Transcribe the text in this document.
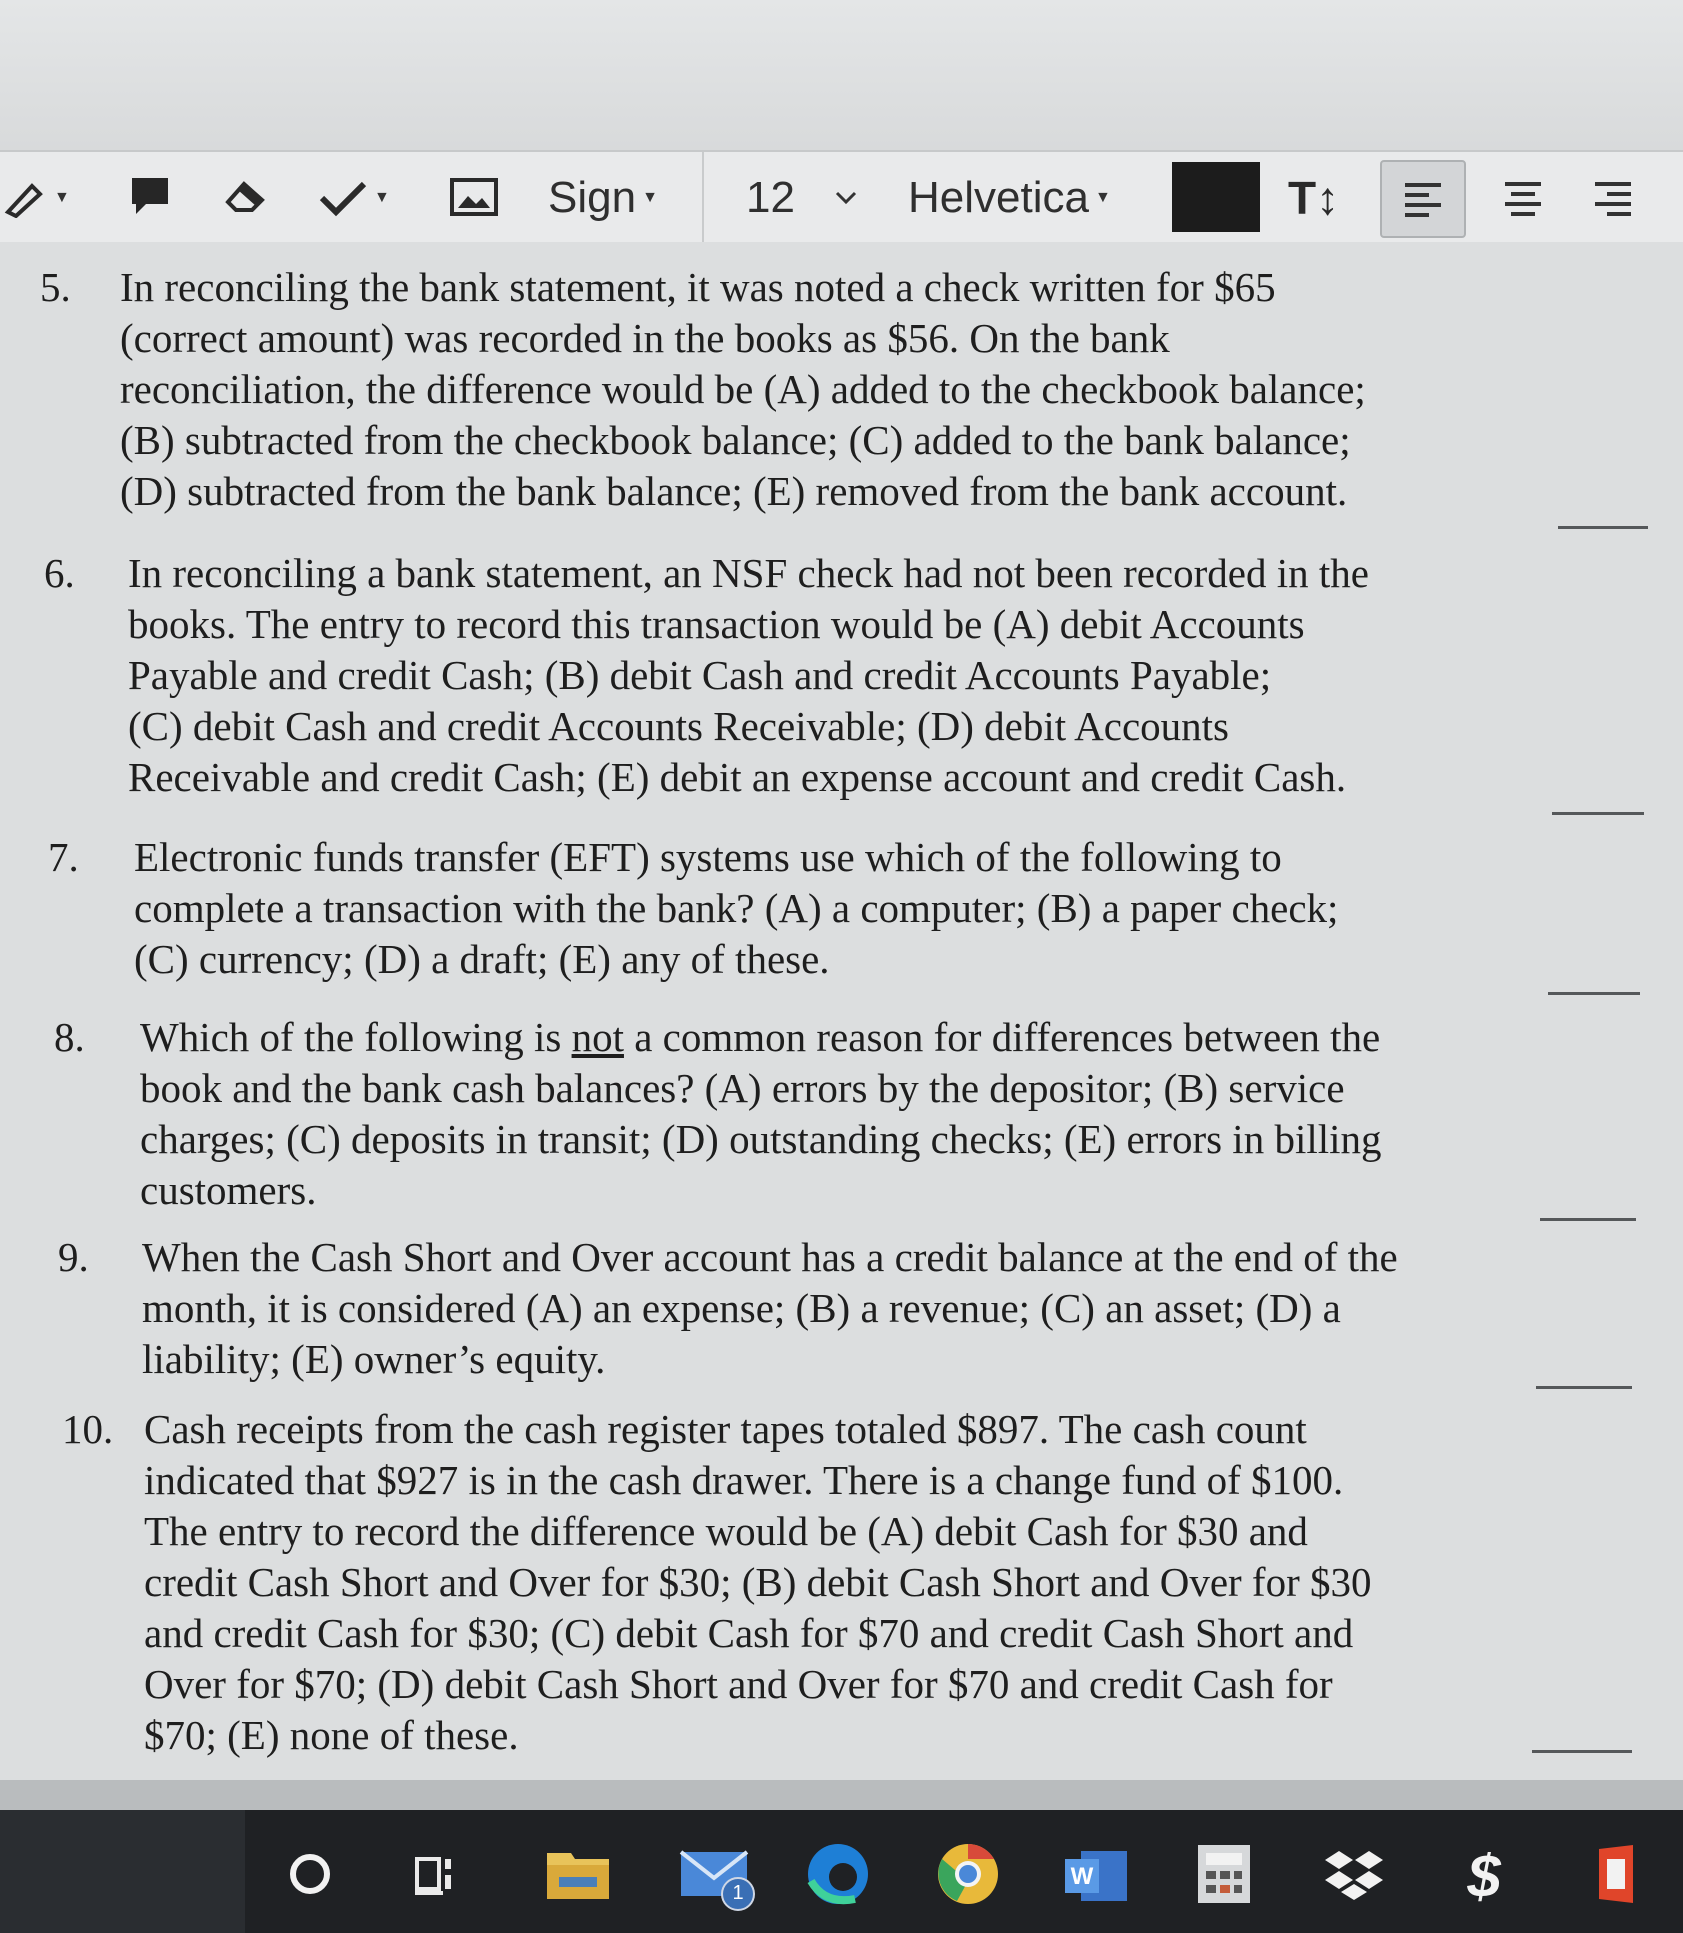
▼	▼	Sign ▼ 12	Helvetica ▼	T↕
5. In reconciling the bank statement, it was noted a check written for $65
(correct amount) was recorded in the books as $56. On the bank
reconciliation, the difference would be (A) added to the checkbook balance;
(B) subtracted from the checkbook balance; (C) added to the bank balance;
(D) subtracted from the bank balance; (E) removed from the bank account.
6. In reconciling a bank statement, an NSF check had not been recorded in the
books. The entry to record this transaction would be (A) debit Accounts
Payable and credit Cash; (B) debit Cash and credit Accounts Payable;
(C) debit Cash and credit Accounts Receivable; (D) debit Accounts
Receivable and credit Cash; (E) debit an expense account and credit Cash.
7. Electronic funds transfer (EFT) systems use which of the following to
complete a transaction with the bank? (A) a computer; (B) a paper check;
(C) currency; (D) a draft; (E) any of these.
8. Which of the following is not a common reason for differences between the
book and the bank cash balances? (A) errors by the depositor; (B) service
charges; (C) deposits in transit; (D) outstanding checks; (E) errors in billing
customers.
9. When the Cash Short and Over account has a credit balance at the end of the
month, it is considered (A) an expense; (B) a revenue; (C) an asset; (D) a
liability; (E) owner’s equity.
10. Cash receipts from the cash register tapes totaled $897. The cash count
indicated that $927 is in the cash drawer. There is a change fund of $100.
The entry to record the difference would be (A) debit Cash for $30 and
credit Cash Short and Over for $30; (B) debit Cash Short and Over for $30
and credit Cash for $30; (C) debit Cash for $70 and credit Cash Short and
Over for $70; (D) debit Cash Short and Over for $70 and credit Cash for
$70; (E) none of these.
1
W	$
